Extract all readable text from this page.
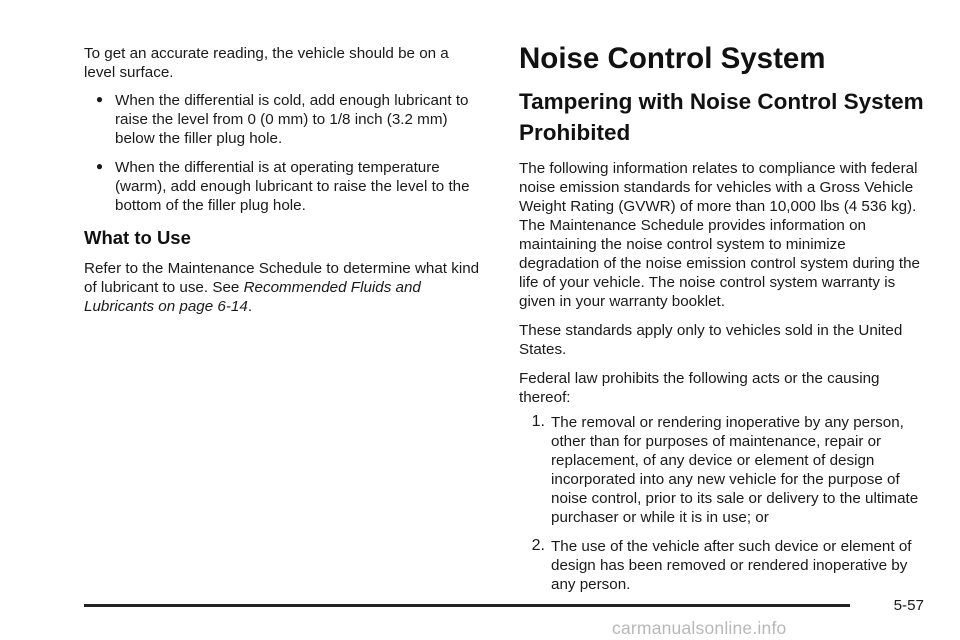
To get an accurate reading, the vehicle should be on a level surface.

● When the differential is cold, add enough lubricant to raise the level from 0 (0 mm) to 1/8 inch (3.2 mm) below the filler plug hole.

● When the differential is at operating temperature (warm), add enough lubricant to raise the level to the bottom of the filler plug hole.

What to Use

Refer to the Maintenance Schedule to determine what kind of lubricant to use. See Recommended Fluids and Lubricants on page 6-14.

Noise Control System
Tampering with Noise Control System Prohibited

The following information relates to compliance with federal noise emission standards for vehicles with a Gross Vehicle Weight Rating (GVWR) of more than 10,000 lbs (4 536 kg). The Maintenance Schedule provides information on maintaining the noise control system to minimize degradation of the noise emission control system during the life of your vehicle. The noise control system warranty is given in your warranty booklet.

These standards apply only to vehicles sold in the United States.

Federal law prohibits the following acts or the causing thereof:

1. The removal or rendering inoperative by any person, other than for purposes of maintenance, repair or replacement, of any device or element of design incorporated into any new vehicle for the purpose of noise control, prior to its sale or delivery to the ultimate purchaser or while it is in use; or

2. The use of the vehicle after such device or element of design has been removed or rendered inoperative by any person.

5-57
carmanualsonline.info
